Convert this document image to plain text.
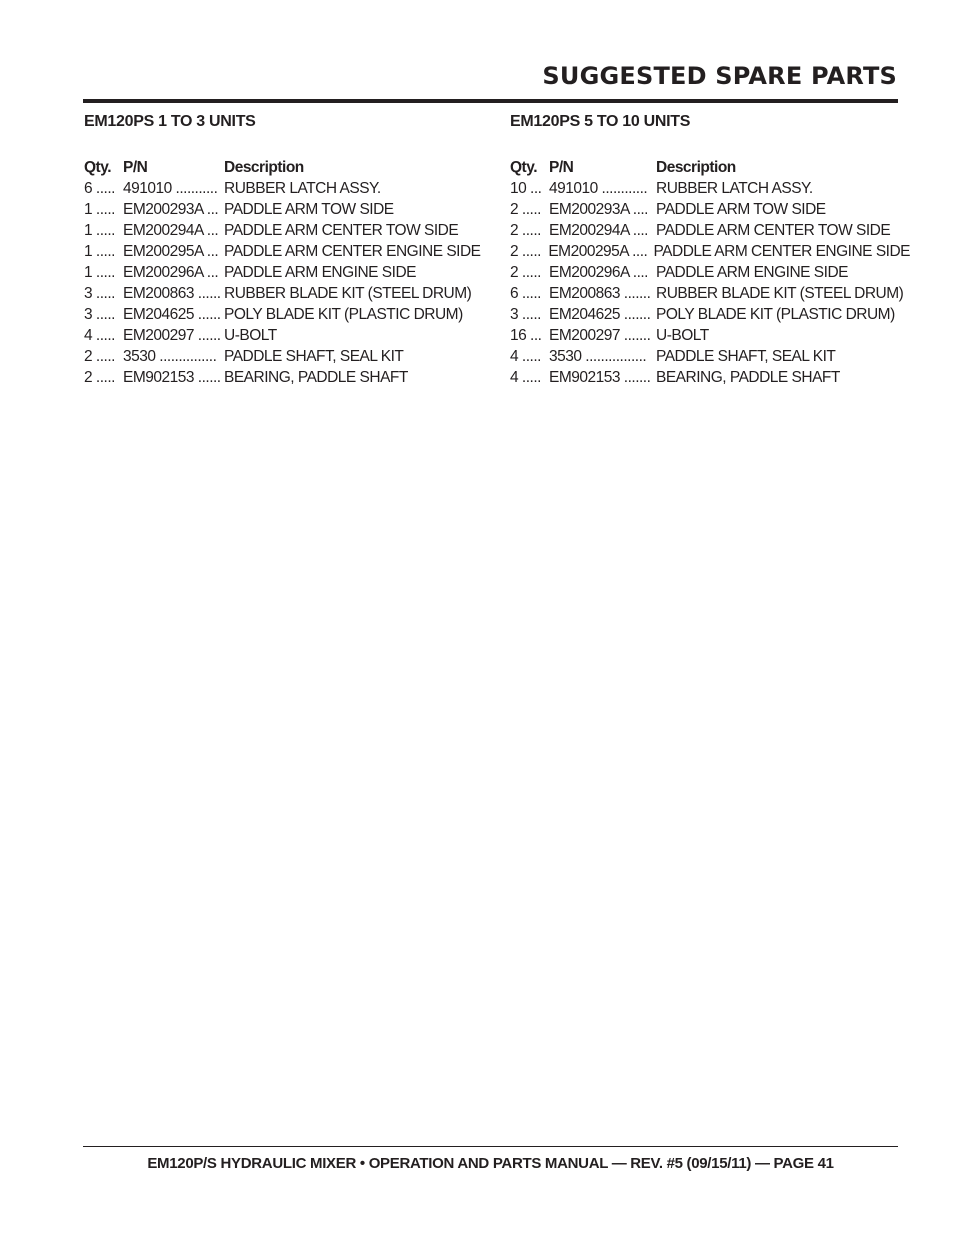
SUGGESTED SPARE PARTS
EM120PS 1 TO 3 UNITS
Qty. P/N	Description
6 ..... 491010 ........... RUBBER LATCH ASSY.
1 ..... EM200293A ... PADDLE ARM TOW SIDE
1 ..... EM200294A ... PADDLE ARM CENTER TOW SIDE
1 ..... EM200295A ... PADDLE ARM CENTER ENGINE SIDE
1 ..... EM200296A ... PADDLE ARM ENGINE SIDE
3 ..... EM200863 ...... RUBBER BLADE KIT (STEEL DRUM)
3 ..... EM204625 ...... POLY BLADE KIT (PLASTIC DRUM)
4 ..... EM200297 ...... U-BOLT
2 ..... 3530 ............... PADDLE SHAFT, SEAL KIT
2 ..... EM902153 ...... BEARING, PADDLE SHAFT
EM120PS 5 TO 10 UNITS
Qty. P/N	Description
10 ... 491010 ............ RUBBER LATCH ASSY.
2 ..... EM200293A .... PADDLE ARM TOW SIDE
2 ..... EM200294A .... PADDLE ARM CENTER TOW SIDE
2 ..... EM200295A .... PADDLE ARM CENTER ENGINE SIDE
2 ..... EM200296A .... PADDLE ARM ENGINE SIDE
6 ..... EM200863 ....... RUBBER BLADE KIT (STEEL DRUM)
3 ..... EM204625 ....... POLY BLADE KIT (PLASTIC DRUM)
16 ... EM200297 ....... U-BOLT
4 ..... 3530 ................ PADDLE SHAFT, SEAL KIT
4 ..... EM902153 ....... BEARING, PADDLE SHAFT
EM120P/S HYDRAULIC MIXER • OPERATION AND PARTS MANUAL — REV. #5 (09/15/11) — PAGE 41
